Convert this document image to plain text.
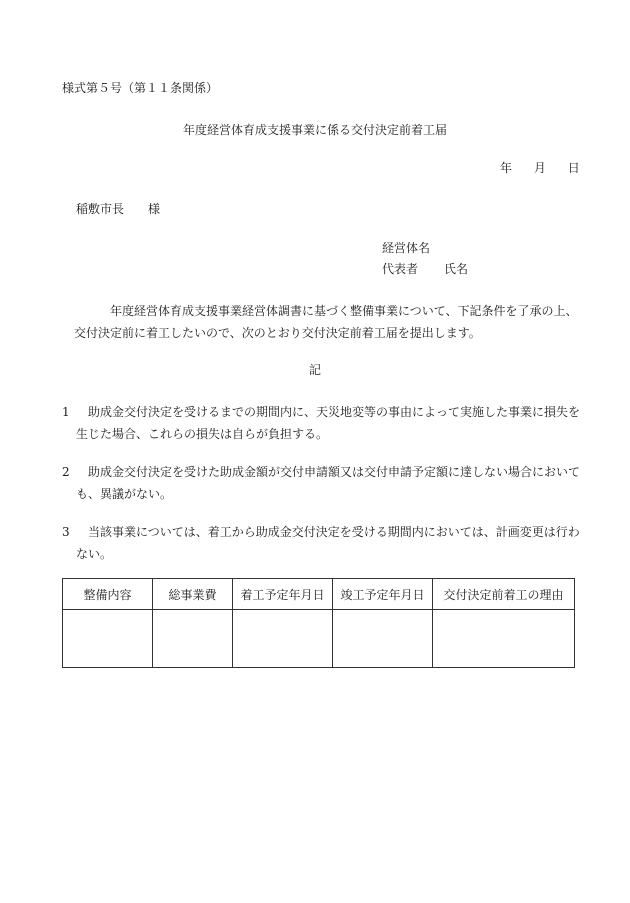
様式第５号（第１１条関係）
年度経営体育成支援事業に係る交付決定前着工届
年 月 日
稲敷市長 様
経営体名
代表者 氏名
年度経営体育成支援事業経営体調書に基づく整備事業について、下記条件を了承の上、交付決定前に着工したいので、次のとおり交付決定前着工届を提出します。
記
1 助成金交付決定を受けるまでの期間内に、天災地変等の事由によって実施した事業に損失を生じた場合、これらの損失は自らが負担する。
2 助成金交付決定を受けた助成金額が交付申請額又は交付申請予定額に達しない場合においても、異議がない。
3 当該事業については、着工から助成金交付決定を受ける期間内においては、計画変更は行わない。
整備内容	総事業費	着工予定年月日	竣工予定年月日	交付決定前着工の理由
